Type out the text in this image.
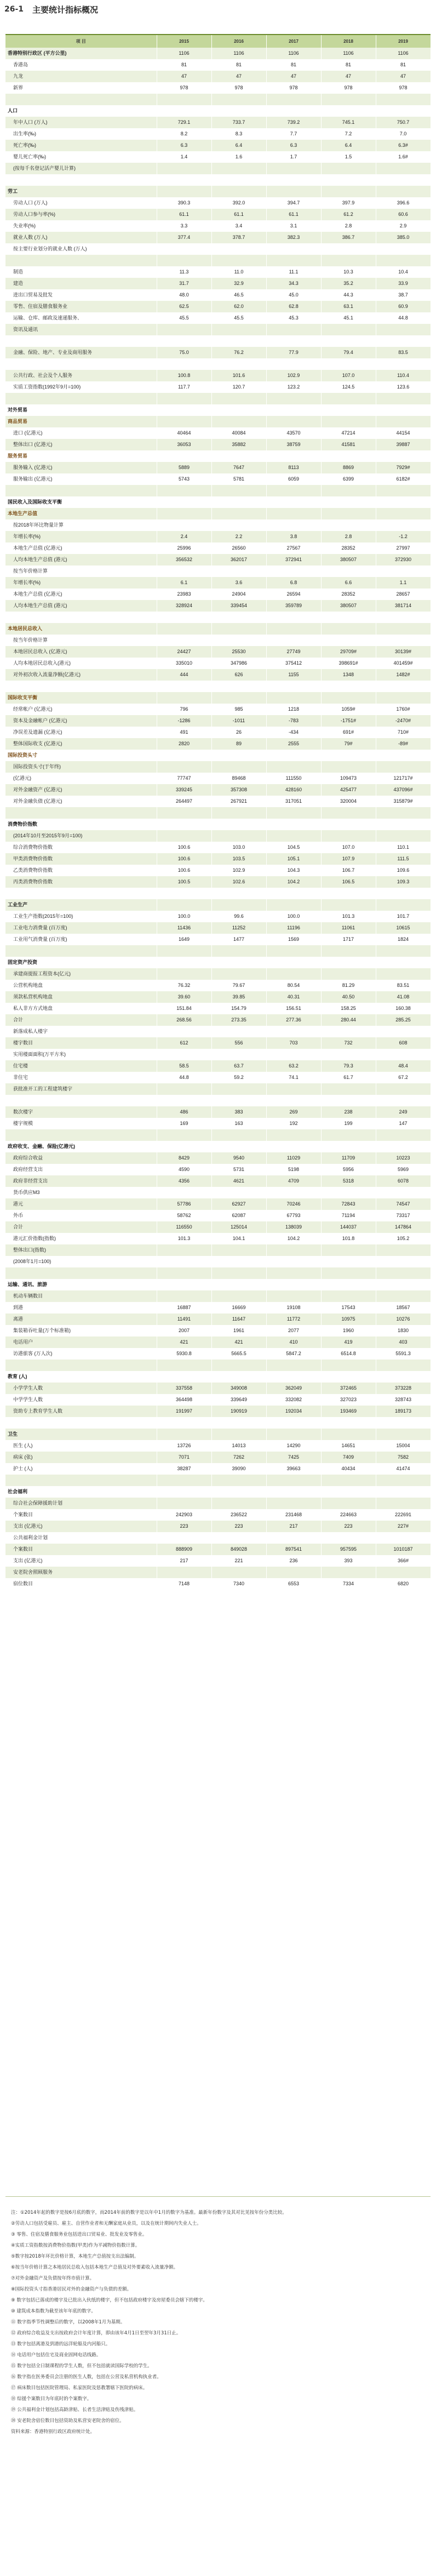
26-1 主要统计指标概况
项 目	2015	2016	2017	2018	2019
香港特别行政区 (平方公里)	1106	1106	1106	1106	1106
香港岛	81	81	81	81	81
九龙	47	47	47	47	47
新界	978	978	978	978	978

人口					
年中人口 (万人)	729.1	733.7	739.2	745.1	750.7
出生率(‰)	8.2	8.3	7.7	7.2	7.0
死亡率(‰)	6.3	6.4	6.3	6.4	6.3#
婴儿死亡率(‰)	1.4	1.6	1.7	1.5	1.6#
(按每千名登记活产婴儿计算)					

劳工					
劳动人口 (万人)	390.3	392.0	394.7	397.9	396.6
劳动人口参与率(%)	61.1	61.1	61.1	61.2	60.6
失业率(%)	3.3	3.4	3.1	2.8	2.9
就业人数 (万人)	377.4	378.7	382.3	386.7	385.0
按主要行业划分的就业人数 (万人)					

制造	11.3	11.0	11.1	10.3	10.4
建造	31.7	32.9	34.3	35.2	33.9
进出口贸易及批发	48.0	46.5	45.0	44.3	38.7
零售、住宿及膳食服务业	62.5	62.0	62.8	63.1	60.9
运输、仓库、邮政及速递服务、	45.5	45.5	45.3	45.1	44.8
资讯及通讯					

金融、保险、地产、专业及商用服务	75.0	76.2	77.9	79.4	83.5

公共行政、社会及个人服务	100.8	101.6	102.9	107.0	110.4
实质工资指数(1992年9月=100)	117.7	120.7	123.2	124.5	123.6

对外贸易					
商品贸易					
进口 (亿港元)	40464	40084	43570	47214	44154
整体出口 (亿港元)	36053	35882	38759	41581	39887
服务贸易					
服务输入 (亿港元)	5889	7647	8113	8869	7929#
服务输出 (亿港元)	5743	5781	6059	6399	6182#

国民收入及国际收支平衡					
本地生产总值					
按2018年环比物量计算					
年增长率(%)	2.4	2.2	3.8	2.8	-1.2
本地生产总值 (亿港元)	25996	26560	27567	28352	27997
人均本地生产总值 (港元)	356532	362017	372941	380507	372930
按当年价格计算					
年增长率(%)	6.1	3.6	6.8	6.6	1.1
本地生产总值 (亿港元)	23983	24904	26594	28352	28657
人均本地生产总值 (港元)	328924	339454	359789	380507	381714

本地居民总收入					
按当年价格计算					
本地居民总收入 (亿港元)	24427	25530	27749	29709#	30139#
人均本地居民总收入(港元)	335010	347986	375412	398691#	401459#
对外初次收入流量净额(亿港元)	444	626	1155	1348	1482#

国际收支平衡					
经常帐户 (亿港元)	796	985	1218	1059#	1760#
资本及金融帐户 (亿港元)	-1286	-1011	-783	-1751#	-2470#
净误差及遗漏 (亿港元)	491	26	-434	691#	710#
整体国际收支 (亿港元)	2820	89	2555	79#	-89#
国际投资头寸					
国际投资头寸(于年终)					
(亿港元)	77747	89468	111550	109473	121717#
对外金融资产 (亿港元)	339245	357308	428160	425477	437096#
对外金融负债 (亿港元)	264497	267921	317051	320004	315879#

消费物价指数					
(2014年10月至2015年9月=100)					
综合消费物价指数	100.6	103.0	104.5	107.0	110.1
甲类消费物价指数	100.6	103.5	105.1	107.9	111.5
乙类消费物价指数	100.6	102.9	104.3	106.7	109.6
丙类消费物价指数	100.5	102.6	104.2	106.5	109.3

工业生产					
工业生产指数(2015年=100)	100.0	99.6	100.0	101.3	101.7
工业电力消费量 (百万度)	11436	11252	11196	11061	10615
工业用气消费量 (百万度)	1649	1477	1569	1717	1824

固定资产投资					
承建商提报工程资本(亿元)					
公营机构地盘	76.32	79.67	80.54	81.29	83.51
须款私营机构地盘	39.60	39.85	40.31	40.50	41.08
私人非方方式地盘	151.84	154.79	156.51	158.25	160.38
合计	268.56	273.35	277.36	280.44	285.25
新落成私人楼宇					
楼宇数目	612	556	703	732	608
实用楼面面积(万平方米)					
住宅楼	58.5	63.7	63.2	79.3	48.4
非住宅	44.8	59.2	74.1	61.7	67.2
获批准开工的工程建筑楼宇					

数次楼宇	486	383	269	238	249
楼宇规模	169	163	192	199	147

政府收支、金融、保险(亿港元)					
政府综合收益	8429	9540	11029	11709	10223
政府经营支出	4590	5731	5198	5956	5969
政府非经营支出	4356	4621	4709	5318	6078
货币供应M3					
港元	57786	62927	70246	72843	74547
外币	58762	62087	67793	71194	73317
合计	116550	125014	138039	144037	147864
港元汇价指数(指数)	101.3	104.1	104.2	101.8	105.2
整体出口(指数)					
(2008年1月=100)					

运输、通讯、旅游					
机动车辆数目					
到港	16887	16669	19108	17543	18567
离港	11491	11647	11772	10975	10276
集装箱吞吐量(万个标准箱)	2007	1961	2077	1960	1830
电话用户	421	421	410	419	403
访港旅客 (万人次)	5930.8	5665.5	5847.2	6514.8	5591.3

教育 (人)					
小学学生人数	337558	349008	362049	372465	373228
中学学生人数	364498	339649	332082	327023	328743
资助专上教育学生人数	191997	190919	192034	193469	189173

卫生					
医生 (人)	13726	14013	14290	14651	15004
病床 (张)	7071	7262	7425	7409	7582
护士 (人)	38287	39090	39663	40434	41474

社会福利					
综合社会保障援助计划					
个案数目	242903	236522	231468	224663	222691
支出 (亿港元)	223	223	217	223	227#
公共福利金计划					
个案数目	888909	849028	897541	957595	1010187
支出 (亿港元)	217	221	236	393	366#
安老院舍照顾服务					
宿位数目	7148	7340	6553	7334	6820
注：①2014年起的数字是按6月底的数字，而2014年前的数字是以年中1月的数字为基准。最新年份数字及其对比见按年份分类比较。
②劳动人口包括受雇员、雇主、自营作业者和无酬家庭从业员，以及在统计期间内失业人士。
③ 零售、住宿及膳食服务业包括进出口贸易业、批发业及零售业。
④实质工资指数按消费物价指数(甲类)作为平减物价指数计算。
⑤数字按2018年环比价格计算，本地生产总值按支出法编制。
⑥按当年价格计算之本地居民总收入包括本地生产总值及对外要素收入流量净额。
⑦对外金融资产及负债按年终市值计算。
⑧国际投资头寸指香港居民对外的金融资产与负债的差额。
⑨ 数字包括已落成的楼宇及已批出入伙纸的楼宇，但不包括政府楼宇及房屋委员会辖下的楼宇。
⑩ 建筑成本指数为截至该年年底的数字。
⑪ 数字指季节性调整后的数字，以2008年1月为基期。
⑫ 政府综合收益及支出按政府会计年度计算，即由该年4月1日至翌年3月31日止。
⑬ 数字包括离港及到港的远洋轮船及内河船只。
⑭ 电话用户包括住宅及商业固网电话线路。
⑮ 数字包括全日制课程的学生人数，但不包括就读国际学校的学生。
⑯ 数字指在医务委员会注册的医生人数，包括在公营及私营机构执业者。
⑰ 病床数目包括医院管理局、私家医院及惩教署辖下医院的病床。
⑱ 综援个案数目为年底时的个案数字。
⑲ 公共福利金计划包括高龄津贴、长者生活津贴及伤残津贴。
⑳ 安老院舍宿位数目包括资助及私营安老院舍的宿位。
资料来源：香港特别行政区政府统计处。
